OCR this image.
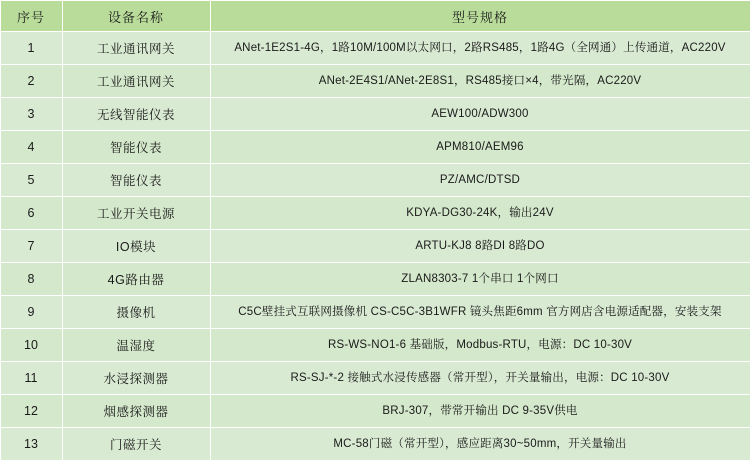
序号	设备名称	型号规格
1	工业通讯网关	ANet-1E2S1-4G，1路10M/100M以太网口，2路RS485，1路4G（全网通）上传通道，AC220V
2	工业通讯网关	ANet-2E4S1/ANet-2E8S1，RS485接口×4，带光隔，AC220V
3	无线智能仪表	AEW100/ADW300
4	智能仪表	APM810/AEM96
5	智能仪表	PZ/AMC/DTSD
6	工业开关电源	KDYA-DG30-24K，输出24V
7	IO模块	ARTU-KJ8 8路DI 8路DO
8	4G路由器	ZLAN8303-7 1个串口 1个网口
9	摄像机	C5C壁挂式互联网摄像机 CS-C5C-3B1WFR 镜头焦距6mm 官方网店含电源适配器，安装支架
10	温湿度	RS-WS-NO1-6 基础版，Modbus-RTU，电源：DC 10-30V
11	水浸探测器	RS-SJ-*-2 接触式水浸传感器（常开型），开关量输出，电源：DC 10-30V
12	烟感探测器	BRJ-307，带常开输出 DC 9-35V供电
13	门磁开关	MC-58门磁（常开型），感应距离30~50mm，开关量输出
